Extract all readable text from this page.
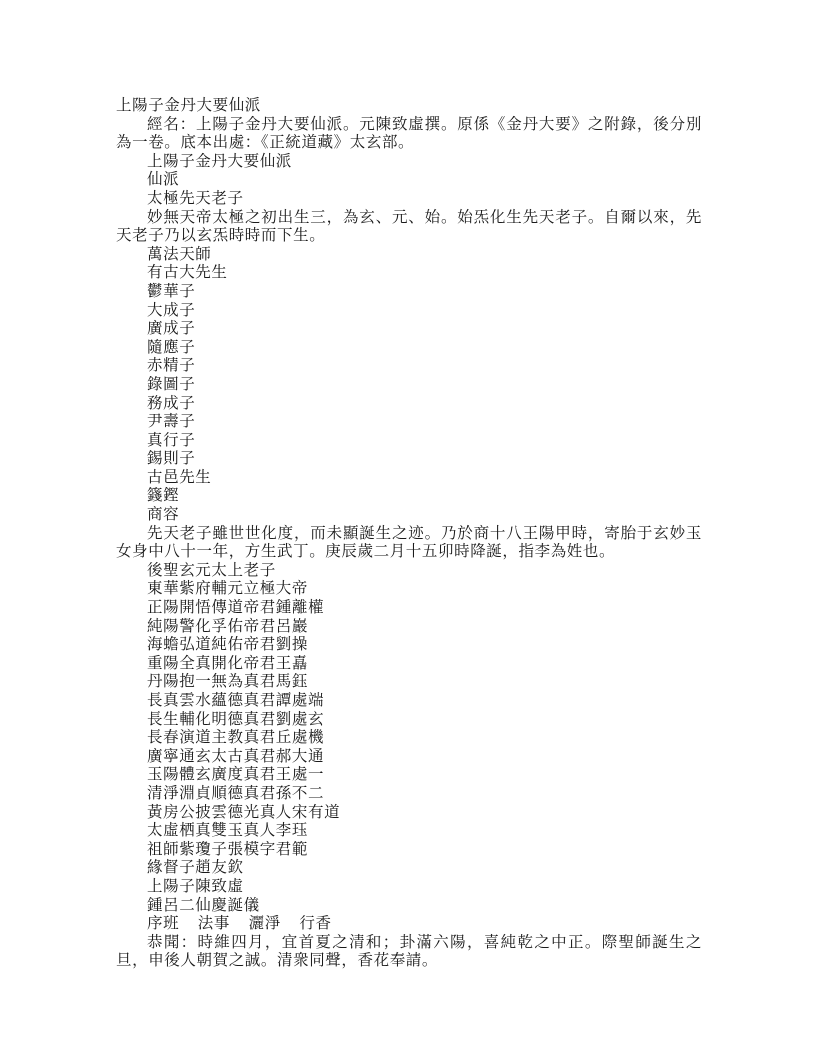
上陽子金丹大要仙派
經名：上陽子金丹大要仙派。元陳致虛撰。原係《金丹大要》之附錄，後分別為一卷。底本出處：《正統道藏》太玄部。
上陽子金丹大要仙派
仙派
太極先天老子
妙無天帝太極之初出生三，為玄、元、始。始炁化生先天老子。自爾以來，先天老子乃以玄炁時時而下生。
萬法天師
有古大先生
鬱華子
大成子
廣成子
隨應子
赤精子
錄圖子
務成子
尹壽子
真行子
錫則子
古邑先生
籛鏗
商容
先天老子雖世世化度，而未顯誕生之迹。乃於商十八王陽甲時，寄胎于玄妙玉女身中八十一年，方生武丁。庚辰歲二月十五卯時降誕，指李為姓也。
後聖玄元太上老子
東華紫府輔元立極大帝
正陽開悟傳道帝君鍾離權
純陽警化孚佑帝君呂巖
海蟾弘道純佑帝君劉操
重陽全真開化帝君王嚞
丹陽抱一無為真君馬鈺
長真雲水蘊德真君譚處端
長生輔化明德真君劉處玄
長春演道主教真君丘處機
廣寧通玄太古真君郝大通
玉陽體玄廣度真君王處一
清淨淵貞順德真君孫不二
黃房公披雲德光真人宋有道
太虛栖真雙玉真人李珏
祖師紫瓊子張模字君範
緣督子趙友欽
上陽子陳致虛
鍾呂二仙慶誕儀
序班 法事 灑淨 行香
恭聞：時維四月，宜首夏之清和；卦滿六陽，喜純乾之中正。際聖師誕生之旦，申後人朝賀之誠。清衆同聲，香花奉請。
